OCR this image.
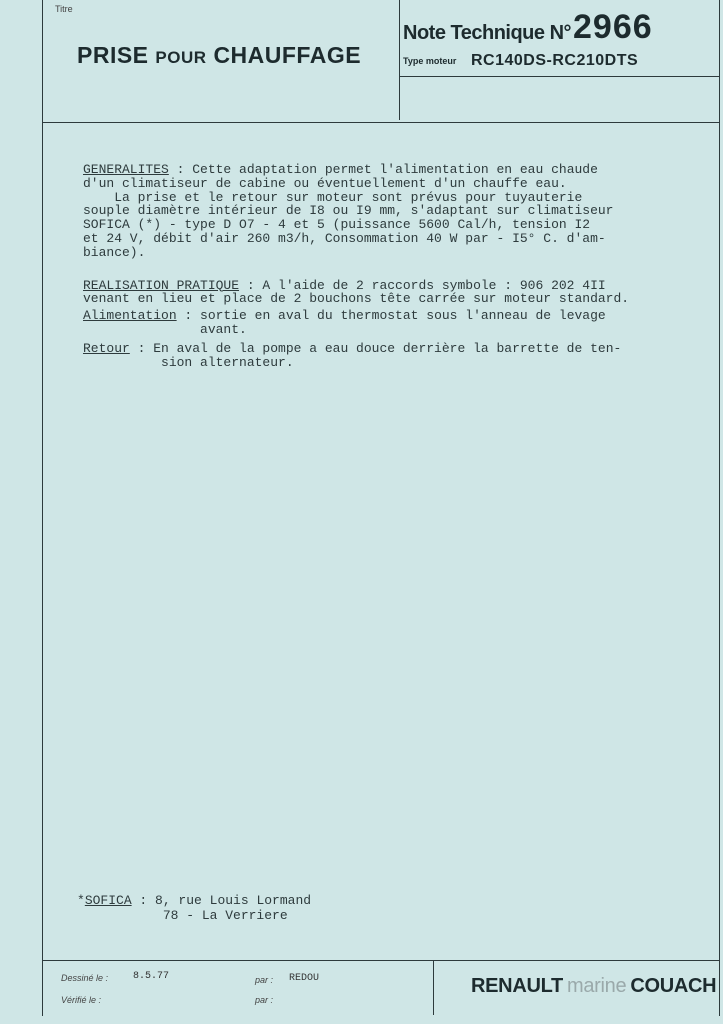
Titre
PRISE POUR CHAUFFAGE
Note Technique N° 2966
Type moteur RC140DS-RC210DTS

GENERALITES : Cette adaptation permet l'alimentation en eau chaude

d'un climatiseur de cabine ou éventuellement d'un chauffe eau.

La prise et le retour sur moteur sont prévus pour tuyauterie

souple diamètre intérieur de I8 ou I9 mm, s'adaptant sur climatiseur

SOFICA (*) - type D O7 - 4 et 5 (puissance 5600 Cal/h, tension I2

et 24 V, débit d'air 260 m3/h, Consommation 40 W par - I5° C. d'am-

biance).

REALISATION PRATIQUE : A l'aide de 2 raccords symbole : 906 202 4II

venant en lieu et place de 2 bouchons tête carrée sur moteur standard.

Alimentation : sortie en aval du thermostat sous l'anneau de levage

avant.

Retour : En aval de la pompe a eau douce derrière la barrette de ten-

sion alternateur.

*SOFICA : 8, rue Louis Lormand
78 - La Verriere
Dessiné le : 8.5.77	par : REDOU
Vérifié le :	par :
RENAULT marine COUACH
